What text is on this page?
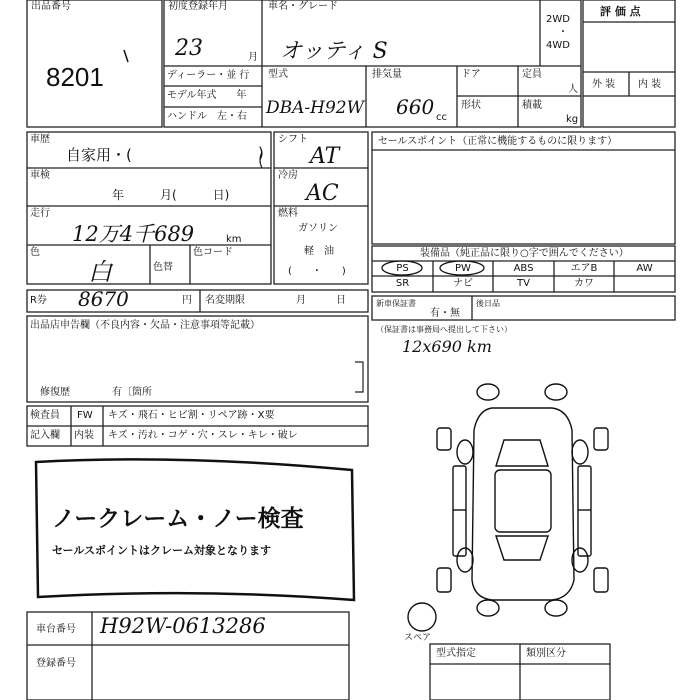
出品番号
8201
初度登録年月
23	月
車名・グレード
オッティ S
2WD
・
4WD
ディーラー・並 行
モデル年式　　年
ハンドル　左・右
型式
DBA-H92W
排気量
660 cc
ドア	定員
人
形状	積載
kg
評 価 点
外 装 内 装
車歴
自家用・(	)
シフト
AT
車検
年　　　月(　　　日)
冷房
AC
走行
12万4千689	km
燃料
ガソリン
軽　油
(　　・　　)
色
白	色替
色コード
R券 8670	円 名変期限	月　　　日
出品店申告欄（不良内容・欠品・注意事項等記載）
修復歴	有〔箇所
検査員
記入欄
FW キズ・飛石・ヒビ割・リペア跡・X要
内装 キズ・汚れ・コゲ・穴・スレ・キレ・破レ
ノークレーム・ノー検査
セールスポイントはクレーム対象となります
車台番号 H92W-0613286
登録番号
セールスポイント（正常に機能するものに限ります）
装備品（純正品に限り○字で囲んでください）
PS	PW	ABS	エアB	AW
SR	ナビ	TV	カワ
新車保証書
有・無
後日品
（保証書は事務局へ提出して下さい）
12x690 km
スペア
型式指定	類別区分
